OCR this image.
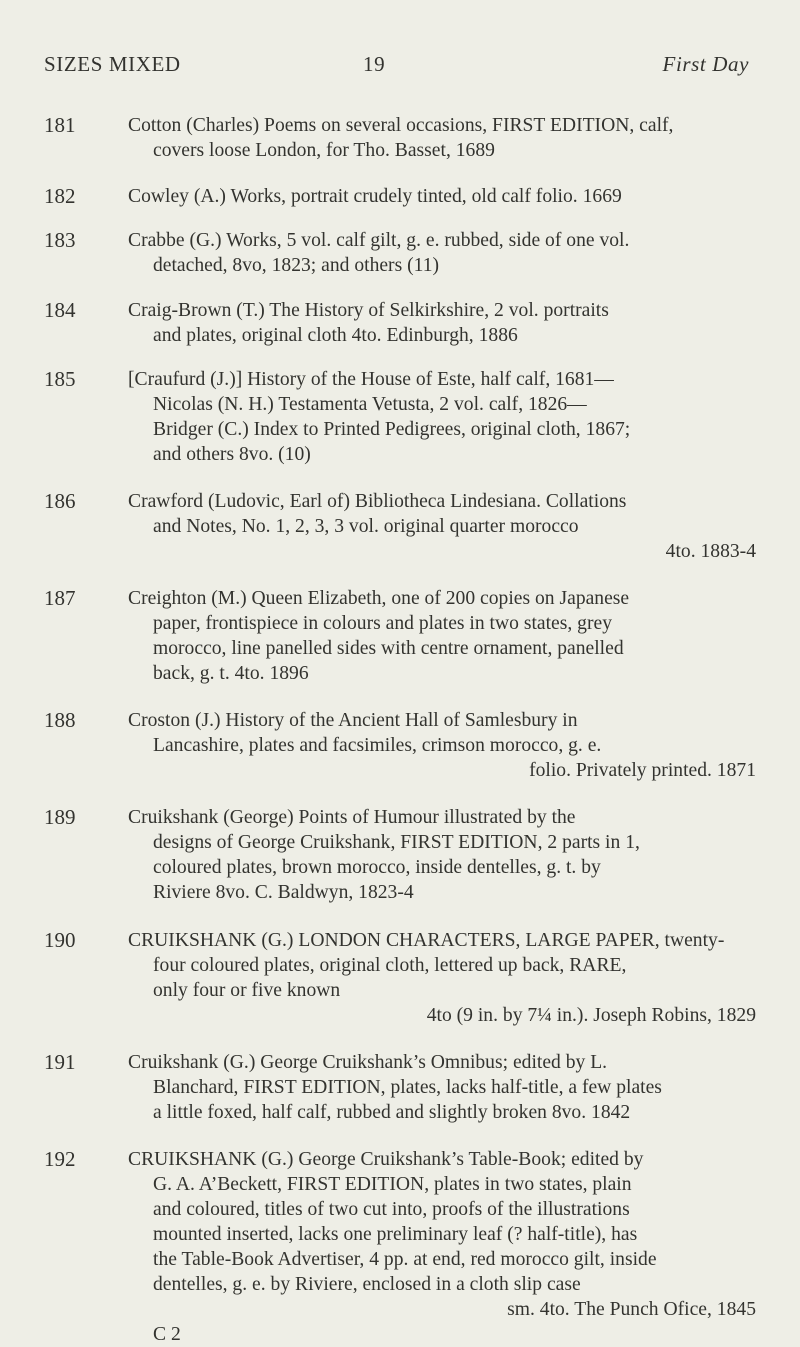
SIZES MIXED	19	First Day
181	Cotton (Charles) Poems on several occasions, FIRST EDITION, calf,

covers loose London, for Tho. Basset, 1689

182	Cowley (A.) Works, portrait crudely tinted, old calf folio. 1669

183	Crabbe (G.) Works, 5 vol. calf gilt, g. e. rubbed, side of one vol.

detached, 8vo, 1823; and others (11)

184	Craig-Brown (T.) The History of Selkirkshire, 2 vol. portraits

and plates, original cloth 4to. Edinburgh, 1886

185	[Craufurd (J.)] History of the House of Este, half calf, 1681—

Nicolas (N. H.) Testamenta Vetusta, 2 vol. calf, 1826—

Bridger (C.) Index to Printed Pedigrees, original cloth, 1867;

and others 8vo. (10)

186	Crawford (Ludovic, Earl of) Bibliotheca Lindesiana. Collations

and Notes, No. 1, 2, 3, 3 vol. original quarter morocco

4to. 1883-4

187	Creighton (M.) Queen Elizabeth, one of 200 copies on Japanese

paper, frontispiece in colours and plates in two states, grey

morocco, line panelled sides with centre ornament, panelled

back, g. t. 4to. 1896

188	Croston (J.) History of the Ancient Hall of Samlesbury in

Lancashire, plates and facsimiles, crimson morocco, g. e.

folio. Privately printed. 1871

189	Cruikshank (George) Points of Humour illustrated by the

designs of George Cruikshank, FIRST EDITION, 2 parts in 1,

coloured plates, brown morocco, inside dentelles, g. t. by

Riviere 8vo. C. Baldwyn, 1823-4

190	CRUIKSHANK (G.) LONDON CHARACTERS, LARGE PAPER, twenty-

four coloured plates, original cloth, lettered up back, RARE,

only four or five known

4to (9 in. by 7¼ in.). Joseph Robins, 1829

191	Cruikshank (G.) George Cruikshank’s Omnibus; edited by L.

Blanchard, FIRST EDITION, plates, lacks half-title, a few plates

a little foxed, half calf, rubbed and slightly broken 8vo. 1842

192	CRUIKSHANK (G.) George Cruikshank’s Table-Book; edited by

G. A. A’Beckett, FIRST EDITION, plates in two states, plain

and coloured, titles of two cut into, proofs of the illustrations

mounted inserted, lacks one preliminary leaf (? half-title), has

the Table-Book Advertiser, 4 pp. at end, red morocco gilt, inside

dentelles, g. e. by Riviere, enclosed in a cloth slip case

sm. 4to. The Punch Ofice, 1845

C 2
